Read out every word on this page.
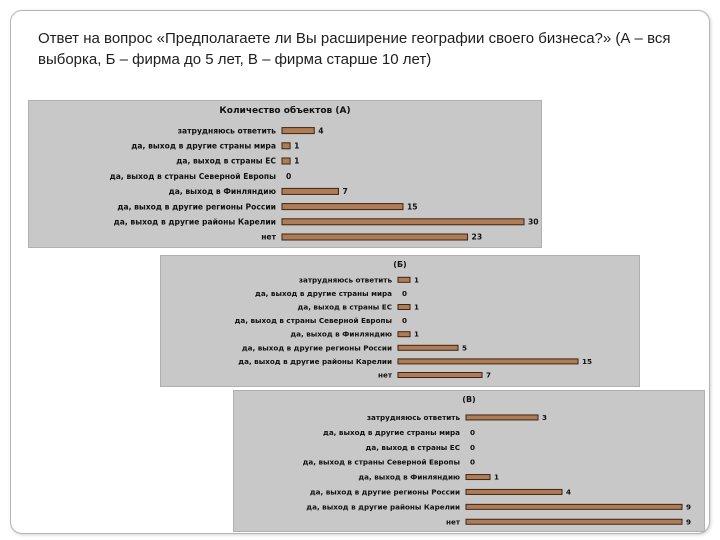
Ответ на вопрос «Предполагаете ли Вы расширение географии своего бизнеса?» (А – вся выборка, Б – фирма до 5 лет, В – фирма старше 10 лет)
Количество объектов (А)
затрудняюсь ответить	4
да, выход в другие страны мира 1
да, выход в страны ЕС 1
да, выход в страны Северной Европы 0
да, выход в Финляндию	7
да, выход в другие регионы России	15
да, выход в другие районы Карелии	30
нет	23
(Б)
затрудняюсь ответить	1
да, выход в другие страны мира 0
да, выход в страны ЕС	1
да, выход в страны Северной Европы 0
да, выход в Финляндию	1
да, выход в другие регионы России	5
да, выход в другие районы Карелии	15
нет	7
(В)
затрудняюсь ответить	3
да, выход в другие страны мира 0
да, выход в страны ЕС 0
да, выход в страны Северной Европы 0
да, выход в Финляндию	1
да, выход в другие регионы России	4
да, выход в другие районы Карелии	9
нет	9
